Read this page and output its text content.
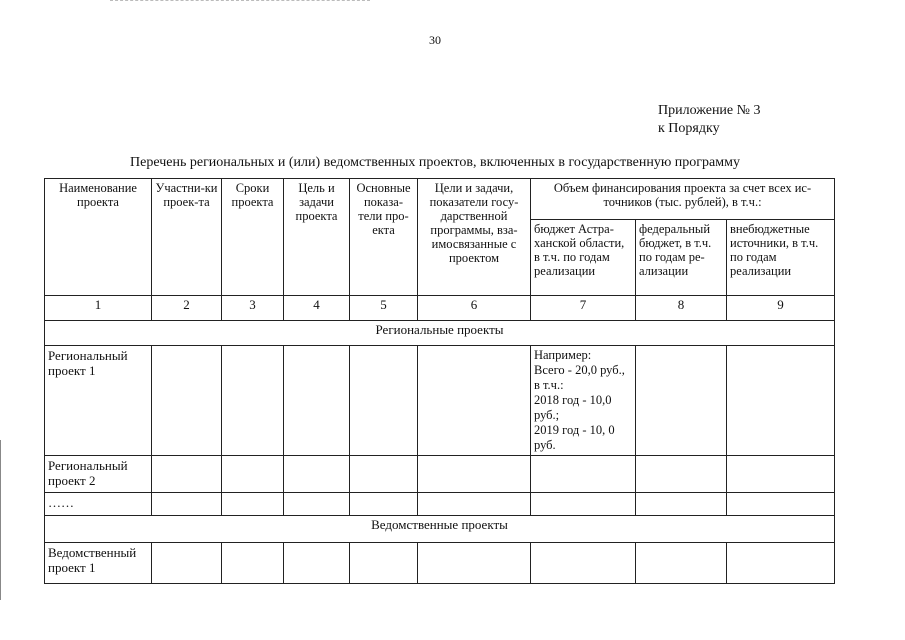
30
Приложение № 3
к Порядку
Перечень региональных и (или) ведомственных проектов, включенных в государственную программу
Наименование проекта	Участни-ки проек-та	Сроки проекта	Цель и задачи проекта	Основные показа-тели про-екта	Цели и задачи, показатели госу-дарственной программы, вза-имосвязанные с проектом	Объем финансирования проекта за счет всех ис-точников (тыс. рублей), в т.ч.:		
						бюджет Астра-ханской области, в т.ч. по годам реализации	федеральный бюджет, в т.ч. по годам ре-ализации	внебюджетные источники, в т.ч. по годам реализации
1	2	3	4	5	6	7	8	9
Региональные проекты								
Региональный проект 1						Например:
Всего - 20,0 руб., в т.ч.:
2018 год - 10,0 руб.;
2019 год - 10, 0 руб.		

Региональный проект 2								
……								
Ведомственные проекты								
Ведомственный проект 1								
